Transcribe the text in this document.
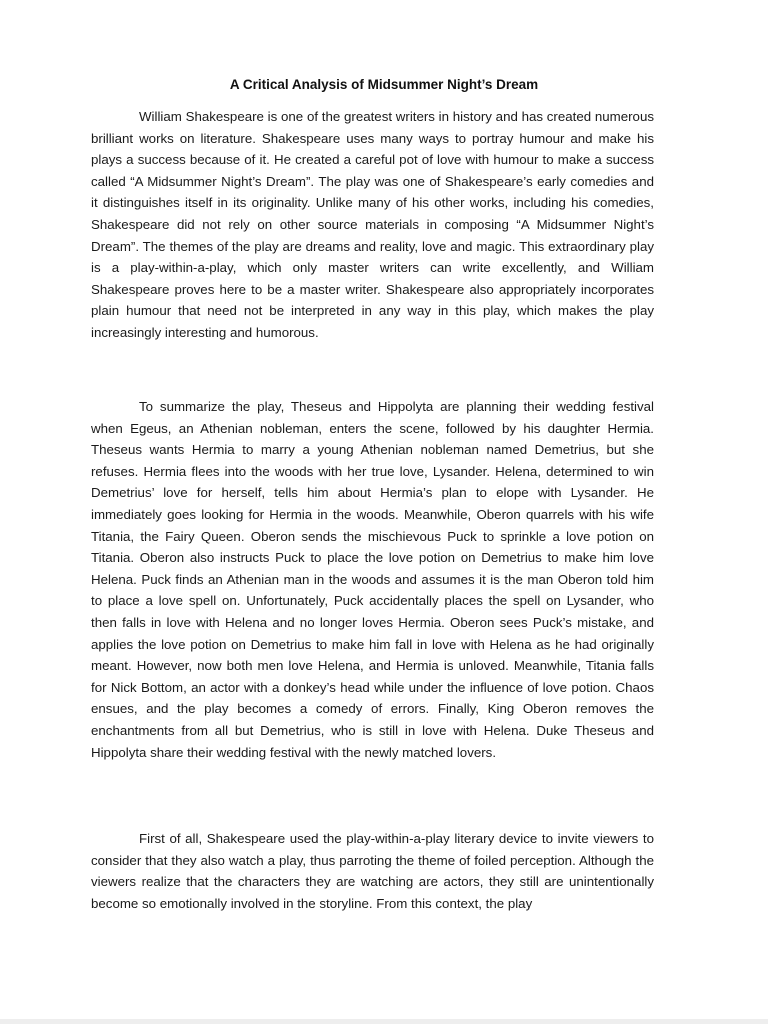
A Critical Analysis of Midsummer Night’s Dream

William Shakespeare is one of the greatest writers in history and has created numerous brilliant works on literature. Shakespeare uses many ways to portray humour and make his plays a success because of it. He created a careful pot of love with humour to make a success called “A Midsummer Night’s Dream”. The play was one of Shakespeare’s early comedies and it distinguishes itself in its originality. Unlike many of his other works, including his comedies, Shakespeare did not rely on other source materials in composing “A Midsummer Night’s Dream”. The themes of the play are dreams and reality, love and magic. This extraordinary play is a play-within-a-play, which only master writers can write excellently, and William Shakespeare proves here to be a master writer. Shakespeare also appropriately incorporates plain humour that need not be interpreted in any way in this play, which makes the play increasingly interesting and humorous.

To summarize the play, Theseus and Hippolyta are planning their wedding festival when Egeus, an Athenian nobleman, enters the scene, followed by his daughter Hermia. Theseus wants Hermia to marry a young Athenian nobleman named Demetrius, but she refuses. Hermia flees into the woods with her true love, Lysander. Helena, determined to win Demetrius’ love for herself, tells him about Hermia’s plan to elope with Lysander. He immediately goes looking for Hermia in the woods. Meanwhile, Oberon quarrels with his wife Titania, the Fairy Queen. Oberon sends the mischievous Puck to sprinkle a love potion on Titania. Oberon also instructs Puck to place the love potion on Demetrius to make him love Helena. Puck finds an Athenian man in the woods and assumes it is the man Oberon told him to place a love spell on. Unfortunately, Puck accidentally places the spell on Lysander, who then falls in love with Helena and no longer loves Hermia. Oberon sees Puck’s mistake, and applies the love potion on Demetrius to make him fall in love with Helena as he had originally meant. However, now both men love Helena, and Hermia is unloved. Meanwhile, Titania falls for Nick Bottom, an actor with a donkey’s head while under the influence of love potion. Chaos ensues, and the play becomes a comedy of errors. Finally, King Oberon removes the enchantments from all but Demetrius, who is still in love with Helena. Duke Theseus and Hippolyta share their wedding festival with the newly matched lovers.

First of all, Shakespeare used the play-within-a-play literary device to invite viewers to consider that they also watch a play, thus parroting the theme of foiled perception. Although the viewers realize that the characters they are watching are actors, they still are unintentionally become so emotionally involved in the storyline. From this context, the play
